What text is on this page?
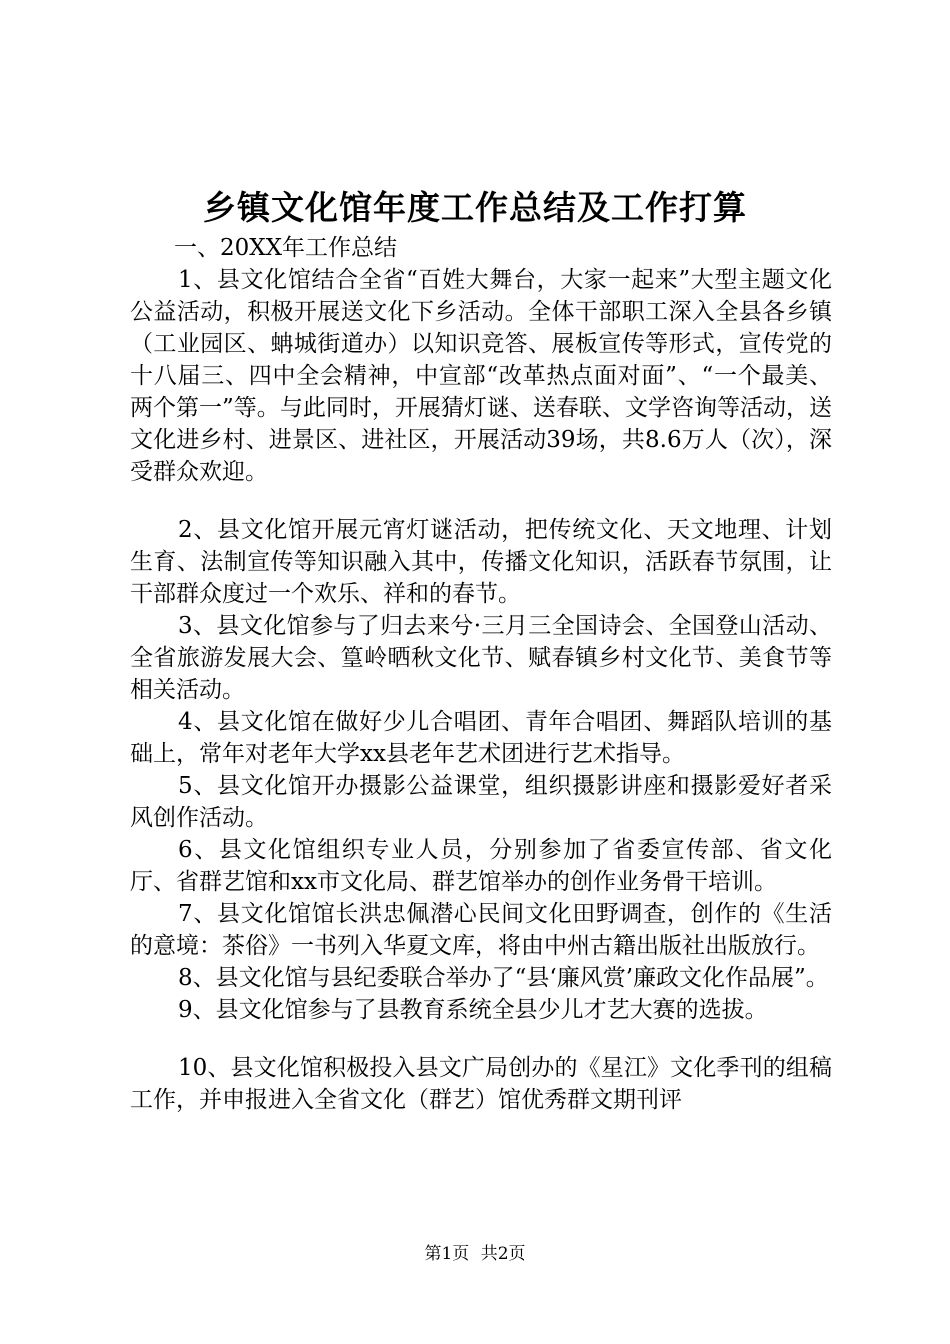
乡镇文化馆年度工作总结及工作打算
一、20XX年工作总结

1、县文化馆结合全省“百姓大舞台，大家一起来”大型主题文化公益活动，积极开展送文化下乡活动。全体干部职工深入全县各乡镇（工业园区、蚺城街道办）以知识竞答、展板宣传等形式，宣传党的十八届三、四中全会精神，中宣部“改革热点面对面”、“一个最美、两个第一”等。与此同时，开展猜灯谜、送春联、文学咨询等活动，送文化进乡村、进景区、进社区，开展活动39场，共8.6万人（次），深受群众欢迎。

2、县文化馆开展元宵灯谜活动，把传统文化、天文地理、计划生育、法制宣传等知识融入其中，传播文化知识，活跃春节氛围，让干部群众度过一个欢乐、祥和的春节。

3、县文化馆参与了归去来兮·三月三全国诗会、全国登山活动、全省旅游发展大会、篁岭晒秋文化节、赋春镇乡村文化节、美食节等相关活动。

4、县文化馆在做好少儿合唱团、青年合唱团、舞蹈队培训的基础上，常年对老年大学xx县老年艺术团进行艺术指导。

5、县文化馆开办摄影公益课堂，组织摄影讲座和摄影爱好者采风创作活动。

6、县文化馆组织专业人员，分别参加了省委宣传部、省文化厅、省群艺馆和xx市文化局、群艺馆举办的创作业务骨干培训。

7、县文化馆馆长洪忠佩潜心民间文化田野调查，创作的《生活的意境：茶俗》一书列入华夏文库，将由中州古籍出版社出版放行。

8、县文化馆与县纪委联合举办了“县‘廉风赏’廉政文化作品展”。

9、县文化馆参与了县教育系统全县少儿才艺大赛的选拔。

10、县文化馆积极投入县文广局创办的《星江》文化季刊的组稿工作，并申报进入全省文化（群艺）馆优秀群文期刊评

第1页 共2页
